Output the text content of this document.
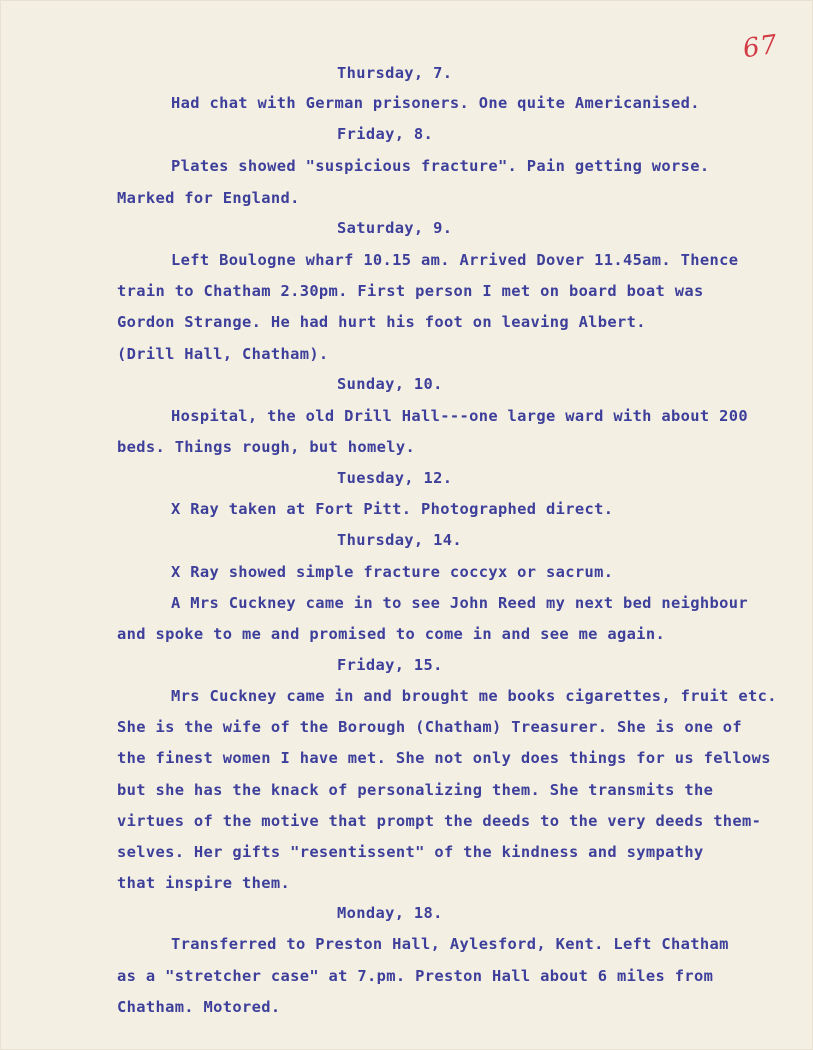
67
Thursday, 7.
Had chat with German prisoners. One quite Americanised.
Friday, 8.
Plates showed "suspicious fracture". Pain getting worse.
Marked for England.
Saturday, 9.
Left Boulogne wharf 10.15 am. Arrived Dover 11.45am. Thence
train to Chatham 2.30pm. First person I met on board boat was
Gordon Strange. He had hurt his foot on leaving Albert.
(Drill Hall, Chatham).
Sunday, 10.
Hospital, the old Drill Hall---one large ward with about 200
beds. Things rough, but homely.
Tuesday, 12.
X Ray taken at Fort Pitt. Photographed direct.
Thursday, 14.
X Ray showed simple fracture coccyx or sacrum.
A Mrs Cuckney came in to see John Reed my next bed neighbour
and spoke to me and promised to come in and see me again.
Friday, 15.
Mrs Cuckney came in and brought me books cigarettes, fruit etc.
She is the wife of the Borough (Chatham) Treasurer. She is one of
the finest women I have met. She not only does things for us fellows
but she has the knack of personalizing them. She transmits the
virtues of the motive that prompt the deeds to the very deeds them-
selves. Her gifts "resentissent" of the kindness and sympathy
that inspire them.
Monday, 18.
Transferred to Preston Hall, Aylesford, Kent. Left Chatham
as a "stretcher case" at 7.pm. Preston Hall about 6 miles from
Chatham. Motored.
